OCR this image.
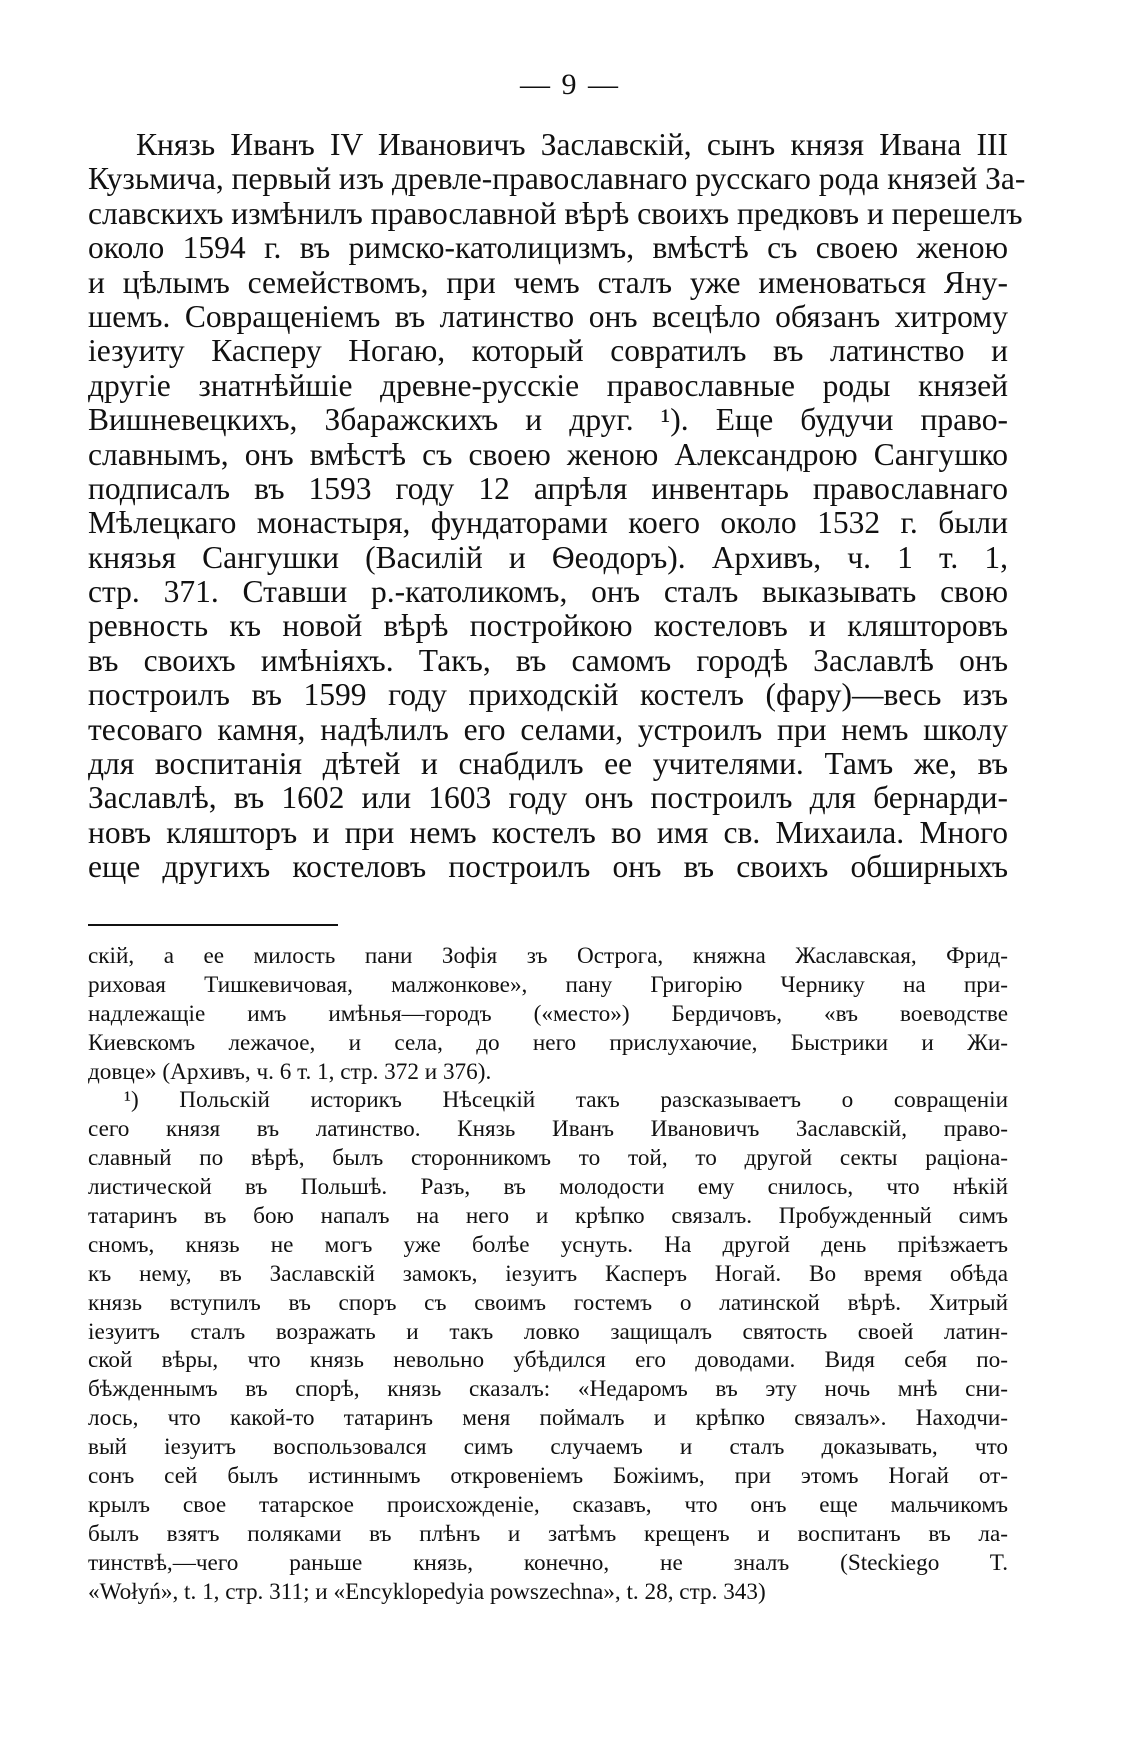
— 9 —
Князь Иванъ IV Ивановичъ Заславскій, сынъ князя Ивана III
Кузьмича, первый изъ древле-православнаго русскаго рода князей За-
славскихъ измѣнилъ православной вѣрѣ своихъ предковъ и перешелъ
около 1594 г. въ римско-католицизмъ, вмѣстѣ съ своею женою
и цѣлымъ семействомъ, при чемъ сталъ уже именоваться Яну-
шемъ. Совращеніемъ въ латинство онъ всецѣло обязанъ хитрому
іезуиту Касперу Ногаю, который совратилъ въ латинство и
другіе знатнѣйшіе древне-русскіе православные роды князей
Вишневецкихъ, Збаражскихъ и друг. ¹). Еще будучи право-
славнымъ, онъ вмѣстѣ съ своею женою Александрою Сангушко
подписалъ въ 1593 году 12 апрѣля инвентарь православнаго
Мѣлецкаго монастыря, фундаторами коего около 1532 г. были
князья Сангушки (Василій и Ѳеодоръ). Архивъ, ч. 1 т. 1,
стр. 371. Ставши р.-католикомъ, онъ сталъ выказывать свою
ревность къ новой вѣрѣ постройкою костеловъ и кляшторовъ
въ своихъ имѣніяхъ. Такъ, въ самомъ городѣ Заславлѣ онъ
построилъ въ 1599 году приходскій костелъ (фару)—весь изъ
тесоваго камня, надѣлилъ его селами, устроилъ при немъ школу
для воспитанія дѣтей и снабдилъ ее учителями. Тамъ же, въ
Заславлѣ, въ 1602 или 1603 году онъ построилъ для бернарди-
новъ кляшторъ и при немъ костелъ во имя св. Михаила. Много
еще другихъ костеловъ построилъ онъ въ своихъ обширныхъ
скій, а ее милость пани Зофія зъ Острога, княжна Жаславская, Фрид-
риховая Тишкевичовая, малжонкове», пану Григорію Чернику на при-
надлежащіе имъ имѣнья—городъ («место») Бердичовъ, «въ воеводстве
Киевскомъ лежачое, и села, до него прислухаючие, Быстрики и Жи-
довце» (Архивъ, ч. 6 т. 1, стр. 372 и 376).
¹) Польскій историкъ Нѣсецкій такъ разсказываетъ о совращеніи
сего князя въ латинство. Князь Иванъ Ивановичъ Заславскій, право-
славный по вѣрѣ, былъ сторонникомъ то той, то другой секты раціона-
листической въ Польшѣ. Разъ, въ молодости ему снилось, что нѣкій
татаринъ въ бою напалъ на него и крѣпко связалъ. Пробужденный симъ
сномъ, князь не могъ уже болѣе уснуть. На другой день пріѣзжаетъ
къ нему, въ Заславскій замокъ, іезуитъ Касперъ Ногай. Во время обѣда
князь вступилъ въ споръ съ своимъ гостемъ о латинской вѣрѣ. Хитрый
іезуитъ сталъ возражать и такъ ловко защищалъ святость своей латин-
ской вѣры, что князь невольно убѣдился его доводами. Видя себя по-
бѣжденнымъ въ спорѣ, князь сказалъ: «Недаромъ въ эту ночь мнѣ сни-
лось, что какой-то татаринъ меня поймалъ и крѣпко связалъ». Находчи-
вый іезуитъ воспользовался симъ случаемъ и сталъ доказывать, что
сонъ сей былъ истиннымъ откровеніемъ Божіимъ, при этомъ Ногай от-
крылъ свое татарское происхожденіе, сказавъ, что онъ еще мальчикомъ
былъ взятъ поляками въ плѣнъ и затѣмъ крещенъ и воспитанъ въ ла-
тинствѣ,—чего раньше князь, конечно, не зналъ (Steckiego T.
«Wołyń», t. 1, стр. 311; и «Encyklopedyia powszechna», t. 28, стр. 343)
